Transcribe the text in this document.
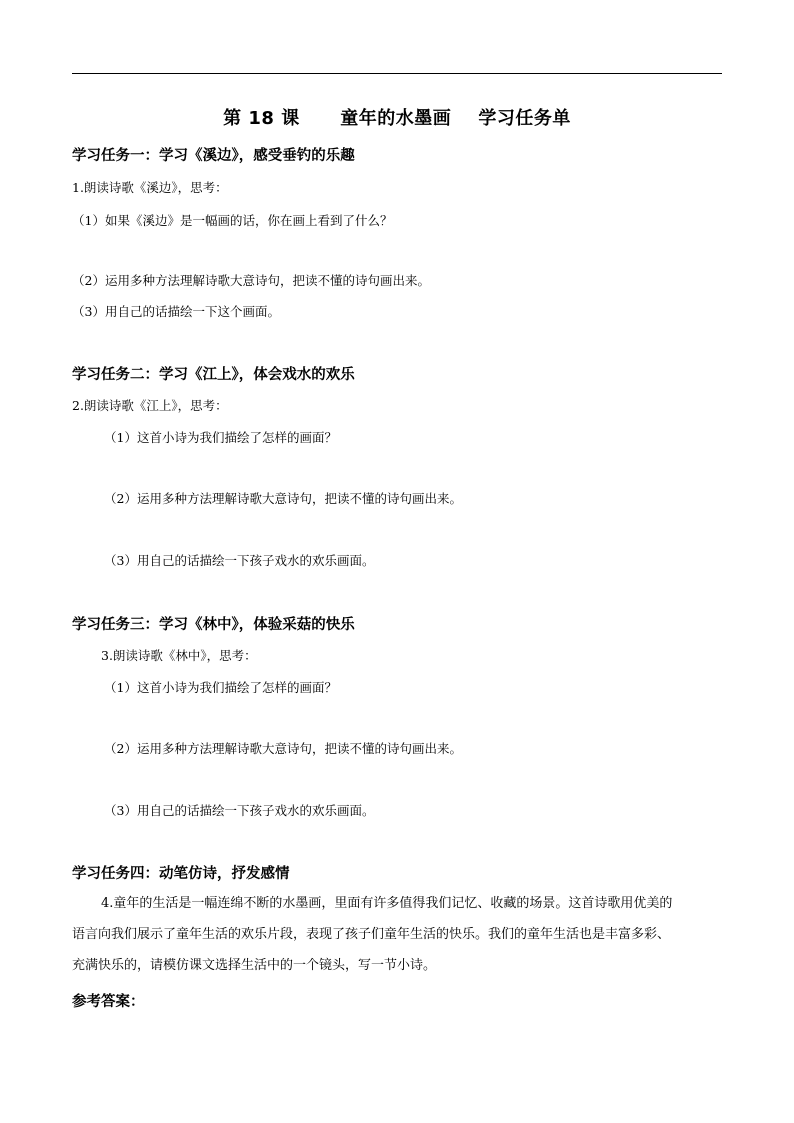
第 18 课      童年的水墨画    学习任务单
学习任务一：学习《溪边》，感受垂钓的乐趣
1.朗读诗歌《溪边》，思考：
（1）如果《溪边》是一幅画的话，你在画上看到了什么？
（2）运用多种方法理解诗歌大意诗句，把读不懂的诗句画出来。
（3）用自己的话描绘一下这个画面。
学习任务二：学习《江上》，体会戏水的欢乐
2.朗读诗歌《江上》，思考：
（1）这首小诗为我们描绘了怎样的画面？
（2）运用多种方法理解诗歌大意诗句，把读不懂的诗句画出来。
（3）用自己的话描绘一下孩子戏水的欢乐画面。
学习任务三：学习《林中》，体验采菇的快乐
3.朗读诗歌《林中》，思考：
（1）这首小诗为我们描绘了怎样的画面？
（2）运用多种方法理解诗歌大意诗句，把读不懂的诗句画出来。
（3）用自己的话描绘一下孩子戏水的欢乐画面。
学习任务四：动笔仿诗，抒发感情
4.童年的生活是一幅连绵不断的水墨画，里面有许多值得我们记忆、收藏的场景。这首诗歌用优美的
语言向我们展示了童年生活的欢乐片段，表现了孩子们童年生活的快乐。我们的童年生活也是丰富多彩、
充满快乐的，请模仿课文选择生活中的一个镜头，写一节小诗。
参考答案：
